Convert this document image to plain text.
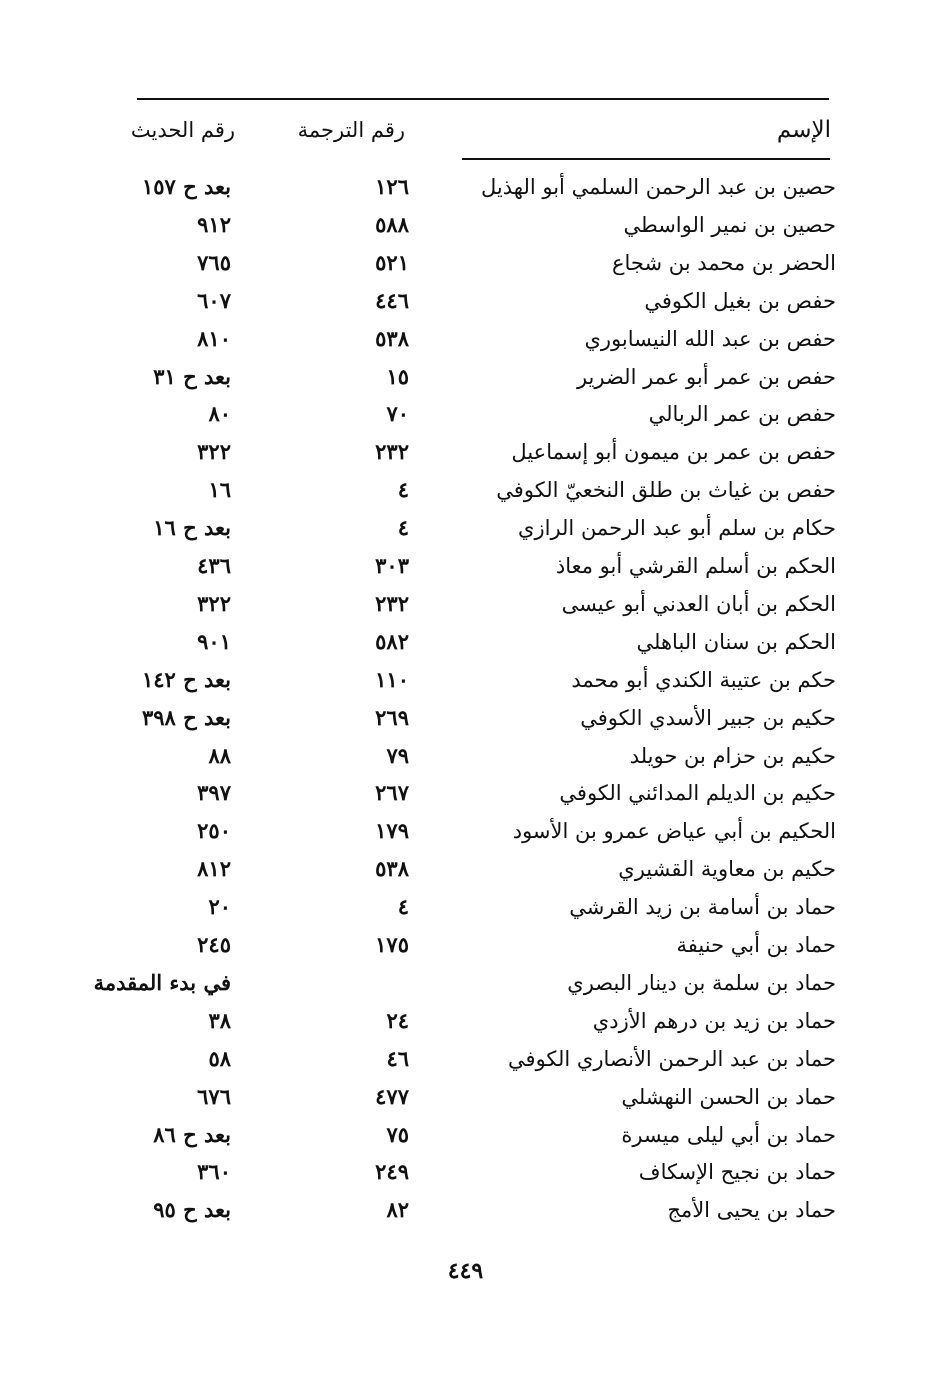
الإسم
رقم الترجمة
رقم الحديث
حصين بن عبد الرحمن السلمي أبو الهذيل
١٢٦
بعد ح ١٥٧
حصين بن نمير الواسطي
٥٨٨
٩١٢
الحضر بن محمد بن شجاع
٥٢١
٧٦٥
حفص بن بغيل الكوفي
٤٤٦
٦٠٧
حفص بن عبد الله النيسابوري
٥٣٨
٨١٠
حفص بن عمر أبو عمر الضرير
١٥
بعد ح ٣١
حفص بن عمر الربالي
٧٠
٨٠
حفص بن عمر بن ميمون أبو إسماعيل
٢٣٢
٣٢٢
حفص بن غياث بن طلق النخعيّ الكوفي
٤
١٦
حكام بن سلم أبو عبد الرحمن الرازي
٤
بعد ح ١٦
الحكم بن أسلم القرشي أبو معاذ
٣٠٣
٤٣٦
الحكم بن أبان العدني أبو عيسى
٢٣٢
٣٢٢
الحكم بن سنان الباهلي
٥٨٢
٩٠١
حكم بن عتيبة الكندي أبو محمد
١١٠
بعد ح ١٤٢
حكيم بن جبير الأسدي الكوفي
٢٦٩
بعد ح ٣٩٨
حكيم بن حزام بن حويلد
٧٩
٨٨
حكيم بن الديلم المدائني الكوفي
٢٦٧
٣٩٧
الحكيم بن أبي عياض عمرو بن الأسود
١٧٩
٢٥٠
حكيم بن معاوية القشيري
٥٣٨
٨١٢
حماد بن أسامة بن زيد القرشي
٤
٢٠
حماد بن أبي حنيفة
١٧٥
٢٤٥
حماد بن سلمة بن دينار البصري
في بدء المقدمة
حماد بن زيد بن درهم الأزدي
٢٤
٣٨
حماد بن عبد الرحمن الأنصاري الكوفي
٤٦
٥٨
حماد بن الحسن النهشلي
٤٧٧
٦٧٦
حماد بن أبي ليلى ميسرة
٧٥
بعد ح ٨٦
حماد بن نجيح الإسكاف
٢٤٩
٣٦٠
حماد بن يحيى الأمج
٨٢
بعد ح ٩٥
٤٤٩
